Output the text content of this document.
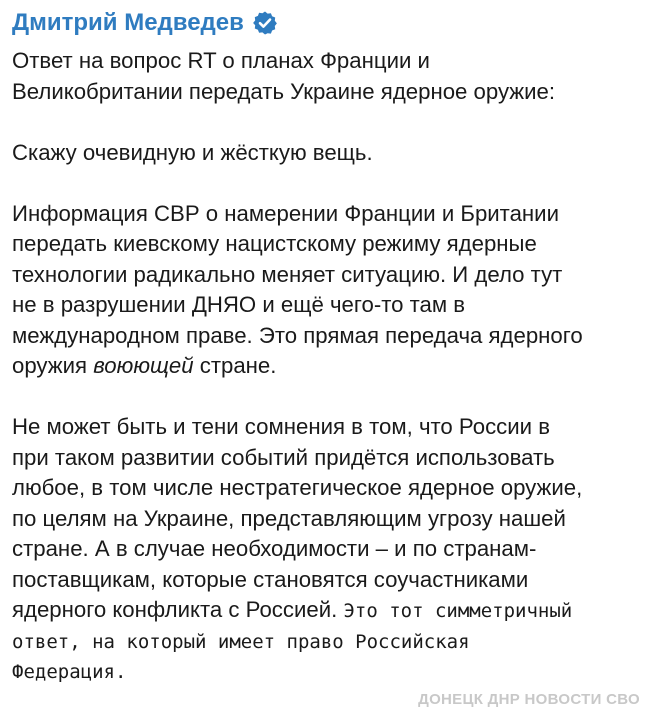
Дмитрий Медведев
Ответ на вопрос RT о планах Франции и
Великобритании передать Украине ядерное оружие:
Скажу очевидную и жёсткую вещь.
Информация СВР о намерении Франции и Британии
передать киевскому нацистскому режиму ядерные
технологии радикально меняет ситуацию. И дело тут
не в разрушении ДНЯО и ещё чего-то там в
международном праве. Это прямая передача ядерного
оружия воюющей стране.
Не может быть и тени сомнения в том, что России в
при таком развитии событий придётся использовать
любое, в том числе нестратегическое ядерное оружие,
по целям на Украине, представляющим угрозу нашей
стране. А в случае необходимости – и по странам-
поставщикам, которые становятся соучастниками
ядерного конфликта с Россией. Это тот симметричный
ответ, на который имеет право Российская
Федерация.
ДОНЕЦК ДНР НОВОСТИ СВО
